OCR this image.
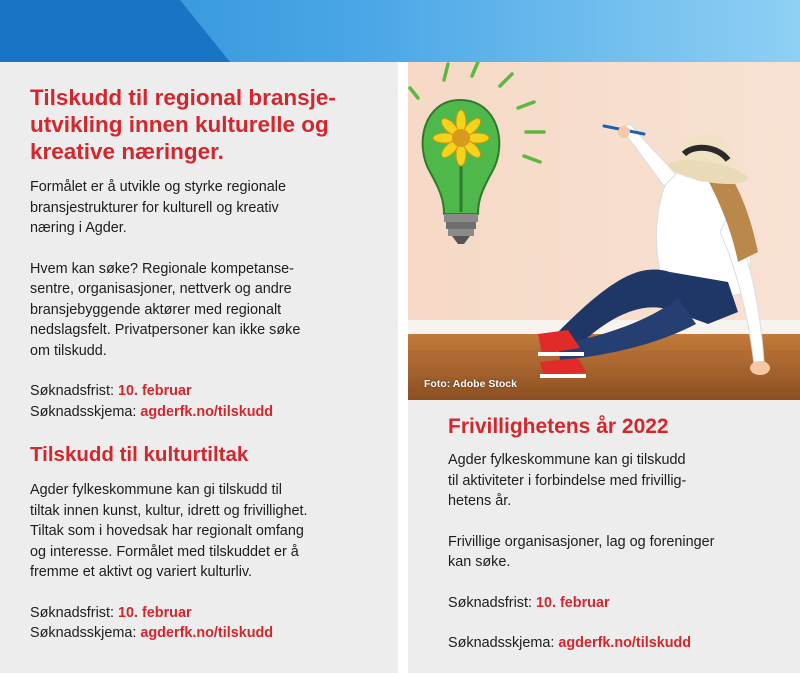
Tilskudd til regional bransje-utvikling innen kulturelle og kreative næringer.

Formålet er å utvikle og styrke regionale

bransjestrukturer for kulturell og kreativ

næring i Agder.

Hvem kan søke? Regionale kompetanse-

sentre, organisasjoner, nettverk og andre

bransjebyggende aktører med regionalt

nedslagsfelt. Privatpersoner kan ikke søke

om tilskudd.

Søknadsfrist: 10. februar

Søknadsskjema: agderfk.no/tilskudd

Tilskudd til kulturtiltak

Agder fylkeskommune kan gi tilskudd til

tiltak innen kunst, kultur, idrett og frivillighet.

Tiltak som i hovedsak har regionalt omfang

og interesse. Formålet med tilskuddet er å

fremme et aktivt og variert kulturliv.

Søknadsfrist: 10. februar

Søknadsskjema: agderfk.no/tilskudd

Foto: Adobe Stock
Frivillighetens år 2022

Agder fylkeskommune kan gi tilskudd

til aktiviteter i forbindelse med frivillig-

hetens år.

Frivillige organisasjoner, lag og foreninger

kan søke.

Søknadsfrist: 10. februar

Søknadsskjema: agderfk.no/tilskudd
